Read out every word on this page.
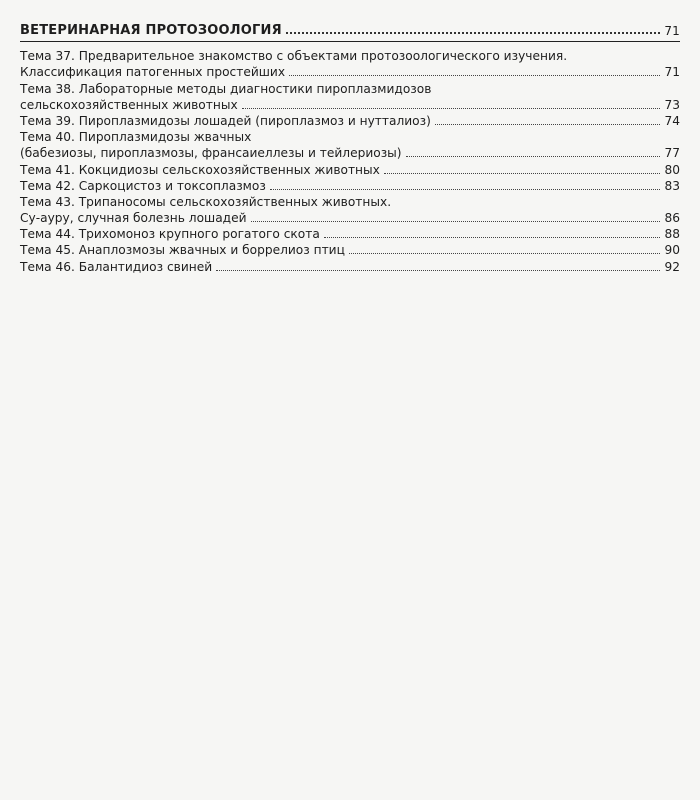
ВЕТЕРИНАРНАЯ ПРОТОЗООЛОГИЯ	71
Тема 37. Предварительное знакомство с объектами протозоологического изучения.
Классификация патогенных простейших	71
Тема 38. Лабораторные методы диагностики пироплазмидозов
сельскохозяйственных животных	73
Тема 39. Пироплазмидозы лошадей (пироплазмоз и нутталиоз)	74
Тема 40. Пироплазмидозы жвачных
(бабезиозы, пироплазмозы, франсаиеллезы и тейлериозы)	77
Тема 41. Кокцидиозы сельскохозяйственных животных	80
Тема 42. Саркоцистоз и токсоплазмоз	83
Тема 43. Трипаносомы сельскохозяйственных животных.
Су-ауру, случная болезнь лошадей	86
Тема 44. Трихомоноз крупного рогатого скота	88
Тема 45. Анаплозмозы жвачных и боррелиоз птиц	90
Тема 46. Балантидиоз свиней	92
